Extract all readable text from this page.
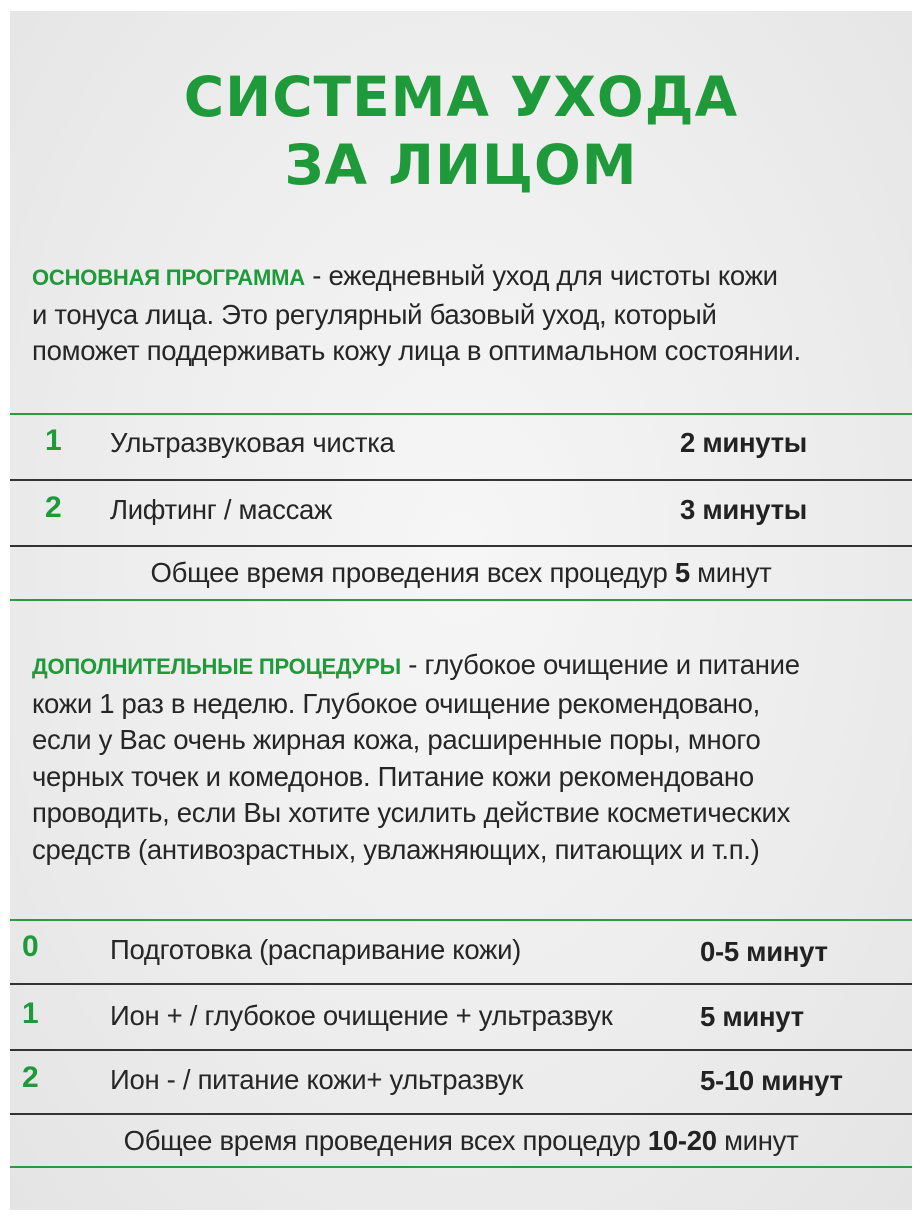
СИСТЕМА УХОДА
ЗА ЛИЦОМ
ОСНОВНАЯ ПРОГРАММА - ежедневный уход для чистоты кожи
и тонуса лица. Это регулярный базовый уход, который
поможет поддерживать кожу лица в оптимальном состоянии.
1 Ультразвуковая чистка	2 минуты
2 Лифтинг / массаж	3 минуты
Общее время проведения всех процедур 5 минут
ДОПОЛНИТЕЛЬНЫЕ ПРОЦЕДУРЫ - глубокое очищение и питание
кожи 1 раз в неделю. Глубокое очищение рекомендовано,
если у Вас очень жирная кожа, расширенные поры, много
черных точек и комедонов. Питание кожи рекомендовано
проводить, если Вы хотите усилить действие косметических
средств (антивозрастных, увлажняющих, питающих и т.п.)
0	Подготовка (распаривание кожи)	0-5 минут
1	Ион + / глубокое очищение + ультразвук	5 минут
2	Ион - / питание кожи+ ультразвук	5-10 минут
Общее время проведения всех процедур 10-20 минут
